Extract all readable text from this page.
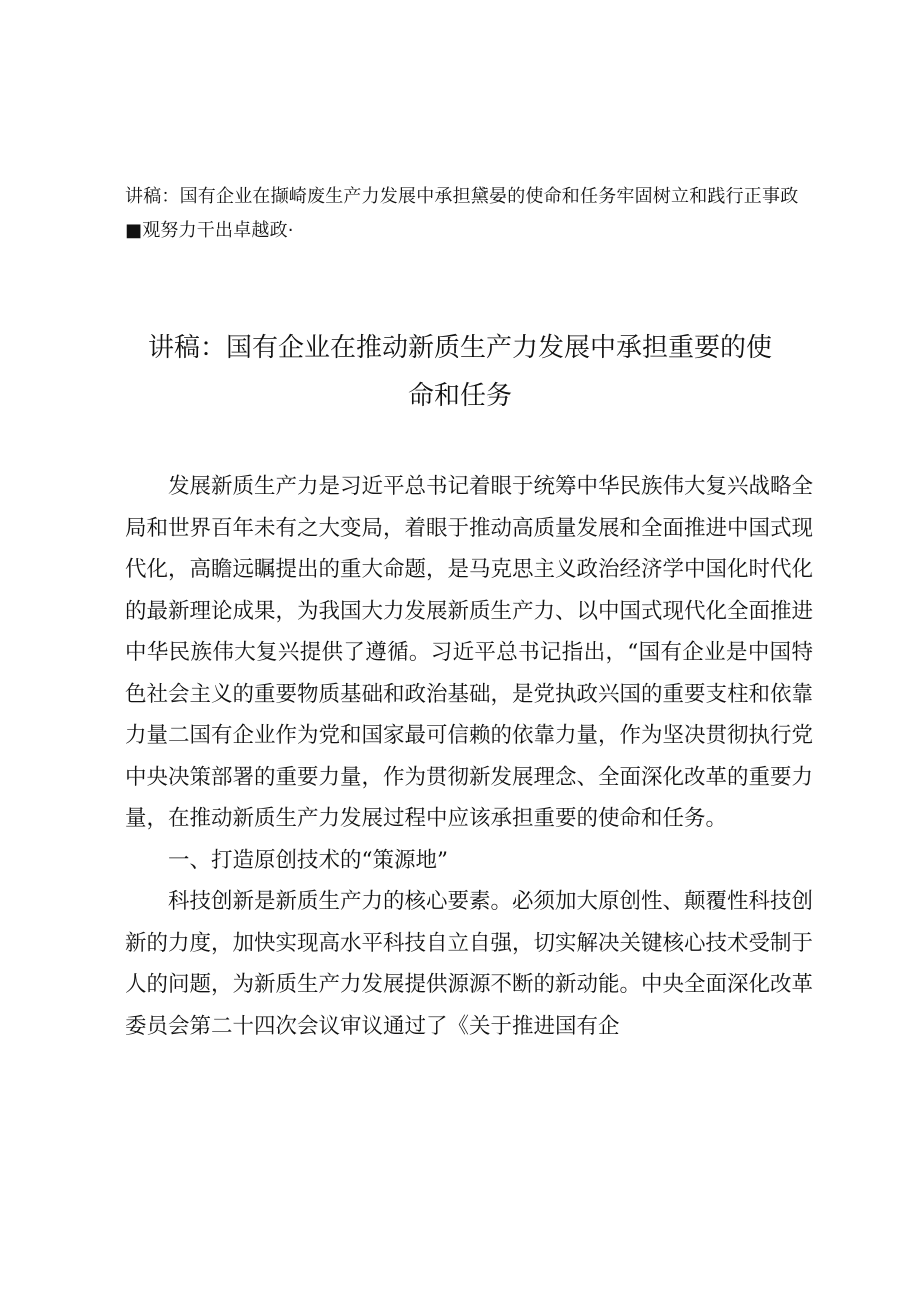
讲稿：国有企业在撷崎废生产力发展中承担黛晏的使命和任务牢固树立和践行正事政
■观努力干出卓越政·
讲稿：国有企业在推动新质生产力发展中承担重要的使
命和任务

发展新质生产力是习近平总书记着眼于统筹中华民族伟大复兴战略全局和世界百年未有之大变局，着眼于推动高质量发展和全面推进中国式现代化，高瞻远瞩提出的重大命题，是马克思主义政治经济学中国化时代化的最新理论成果，为我国大力发展新质生产力、以中国式现代化全面推进中华民族伟大复兴提供了遵循。习近平总书记指出，“国有企业是中国特色社会主义的重要物质基础和政治基础，是党执政兴国的重要支柱和依靠力量二国有企业作为党和国家最可信赖的依靠力量，作为坚决贯彻执行党中央决策部署的重要力量，作为贯彻新发展理念、全面深化改革的重要力量，在推动新质生产力发展过程中应该承担重要的使命和任务。

一、打造原创技术的“策源地”

科技创新是新质生产力的核心要素。必须加大原创性、颠覆性科技创新的力度，加快实现高水平科技自立自强，切实解决关键核心技术受制于人的问题，为新质生产力发展提供源源不断的新动能。中央全面深化改革委员会第二十四次会议审议通过了《关于推进国有企
